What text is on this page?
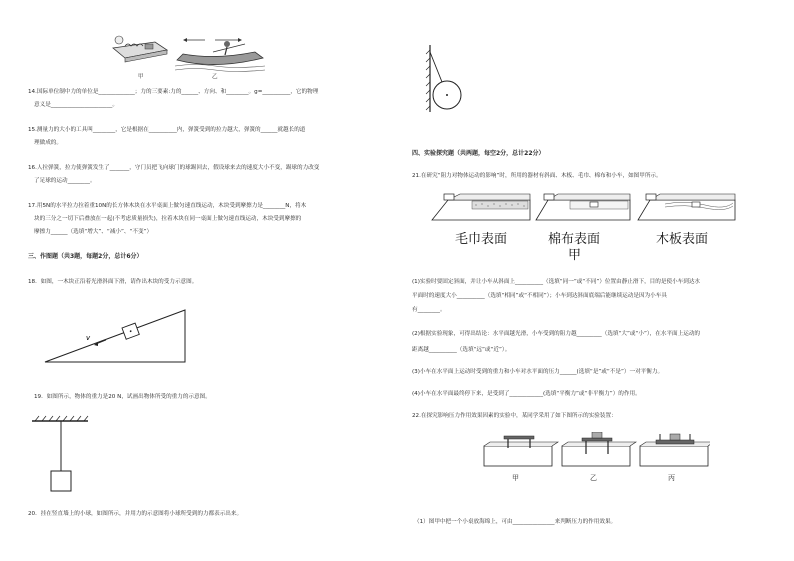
甲	乙
14.国际单位制中力的单位是_____________；力的三要素:力的______、方向、和________。g=__________，它的物理
意义是______________________。
15.测量力的大小的工具叫________，它是根据在__________内，弹簧受到的拉力越大，弹簧的______就越长的道
理做成的。
16.人拉弹簧，拉力使弹簧发生了_______，守门员把飞向球门的球踢回去，假设球来去的速度大小不变，踢球的力改变
了足球的运动________。
17.用5N的水平拉力拉着重10N的长方体木块在水平桌面上做匀速直线运动，木块受到摩擦力是________N，将木
块的三分之一切下后叠放在一起(不考虑质量损失)，拉着木块在同一桌面上做匀速直线运动，木块受到摩擦的
摩擦力______（选填“增大”、“减小”、“不变”）
三、作图题（共3题，每题2分，总计6分）
18．如图，一木块正沿着光滑斜面下滑，请作出木块的受力示意图。
v
19．如图所示，物体的重力是20 N，试画出物体所受的重力的示意图。
20．挂在竖直墙上的小球，如图所示，并用力的示意图将小球所受到的力都表示出来。
四、实验探究题（共两题，每空2分，总计22分）
21.在研究“阻力对物体运动的影响”时，所用的器材有斜面、木板、毛巾、棉布和小车，如图甲所示。
毛巾表面	棉布表面	木板表面
甲
(1)实验时要固定斜面，并让小车从斜面上__________（选填“同一”或“不同”）位置由静止滑下，目的是使小车到达水
平面时的速度大小__________（选填“相同”或“不相同”）；小车到达斜面底端后能继续运动是因为小车具
有________。
(2)根据实验现象，可得出结论：水平面越光滑，小车受到的阻力越_________（选填“大”或“小”），在水平面上运动的
距离越__________（选填“远”或“近”）。
(3)小车在水平面上运动时受到的重力和小车对水平面的压力______(选填“是”或“不是”）一对平衡力。
(4)小车在水平面最终停下来，是受到了____________(选填“平衡力”或“非平衡力”）的作用。
22.在探究影响压力作用效果因素的实验中，某同学采用了如下图所示的实验装置：
甲	乙	丙
（1）图甲中把一个小桌放海绵上，可由_______________来判断压力的作用效果。
